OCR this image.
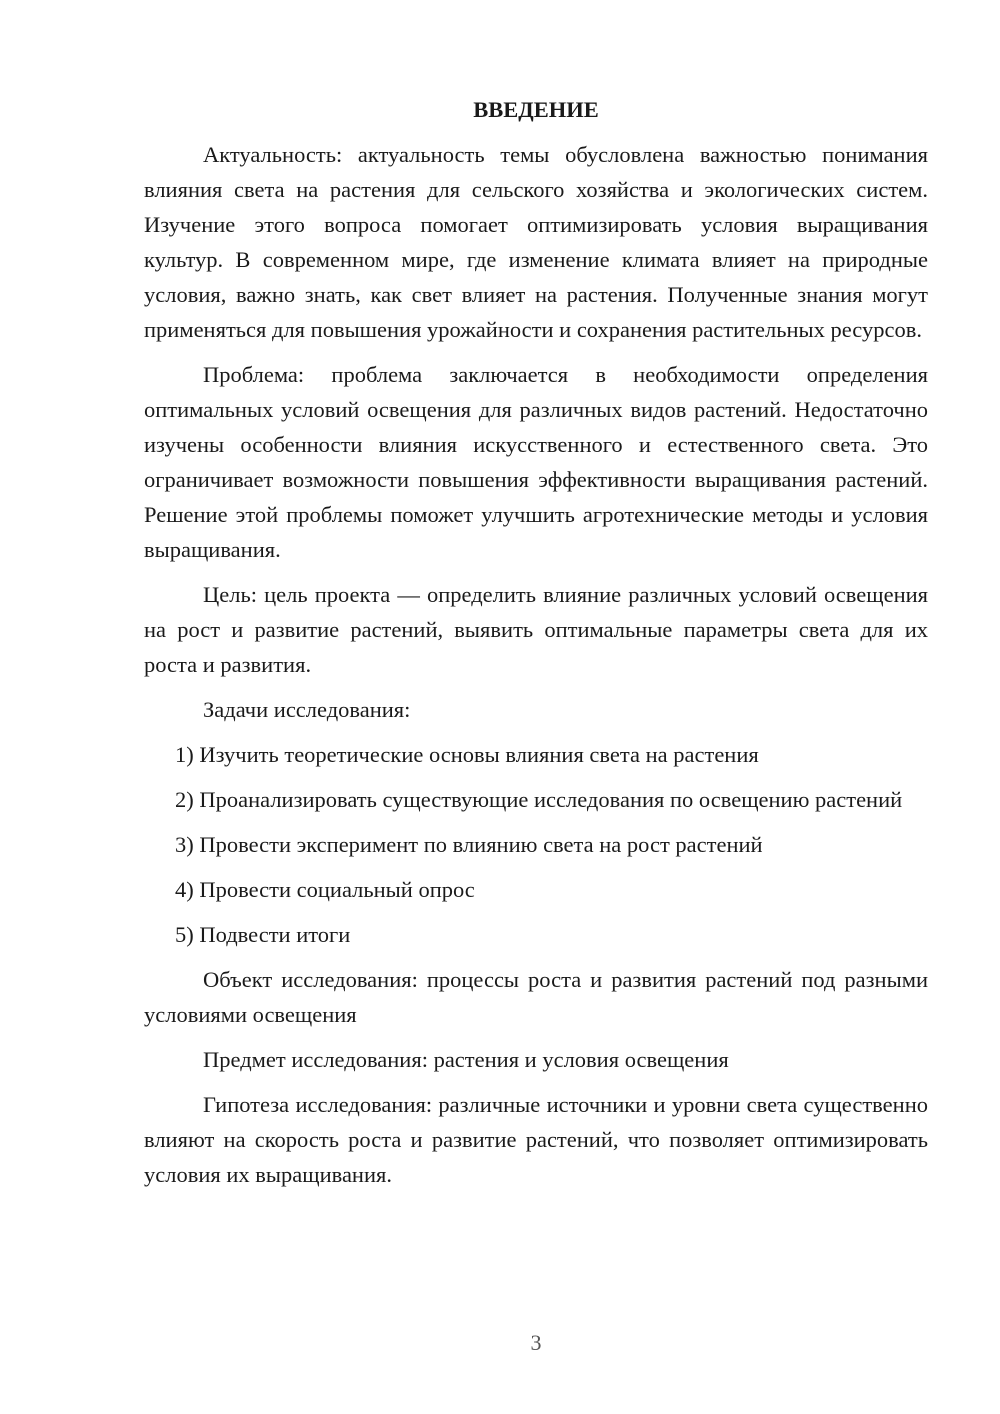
ВВЕДЕНИЕ

Актуальность: актуальность темы обусловлена важностью понимания влияния света на растения для сельского хозяйства и экологических систем. Изучение этого вопроса помогает оптимизировать условия выращивания культур. В современном мире, где изменение климата влияет на природные условия, важно знать, как свет влияет на растения. Полученные знания могут применяться для повышения урожайности и сохранения растительных ресурсов.

Проблема: проблема заключается в необходимости определения оптимальных условий освещения для различных видов растений. Недостаточно изучены особенности влияния искусственного и естественного света. Это ограничивает возможности повышения эффективности выращивания растений. Решение этой проблемы поможет улучшить агротехнические методы и условия выращивания.

Цель: цель проекта — определить влияние различных условий освещения на рост и развитие растений, выявить оптимальные параметры света для их роста и развития.

Задачи исследования:

1) Изучить теоретические основы влияния света на растения

2) Проанализировать существующие исследования по освещению растений

3) Провести эксперимент по влиянию света на рост растений

4) Провести социальный опрос

5) Подвести итоги

Объект исследования: процессы роста и развития растений под разными условиями освещения

Предмет исследования: растения и условия освещения

Гипотеза исследования: различные источники и уровни света существенно влияют на скорость роста и развитие растений, что позволяет оптимизировать условия их выращивания.

3
